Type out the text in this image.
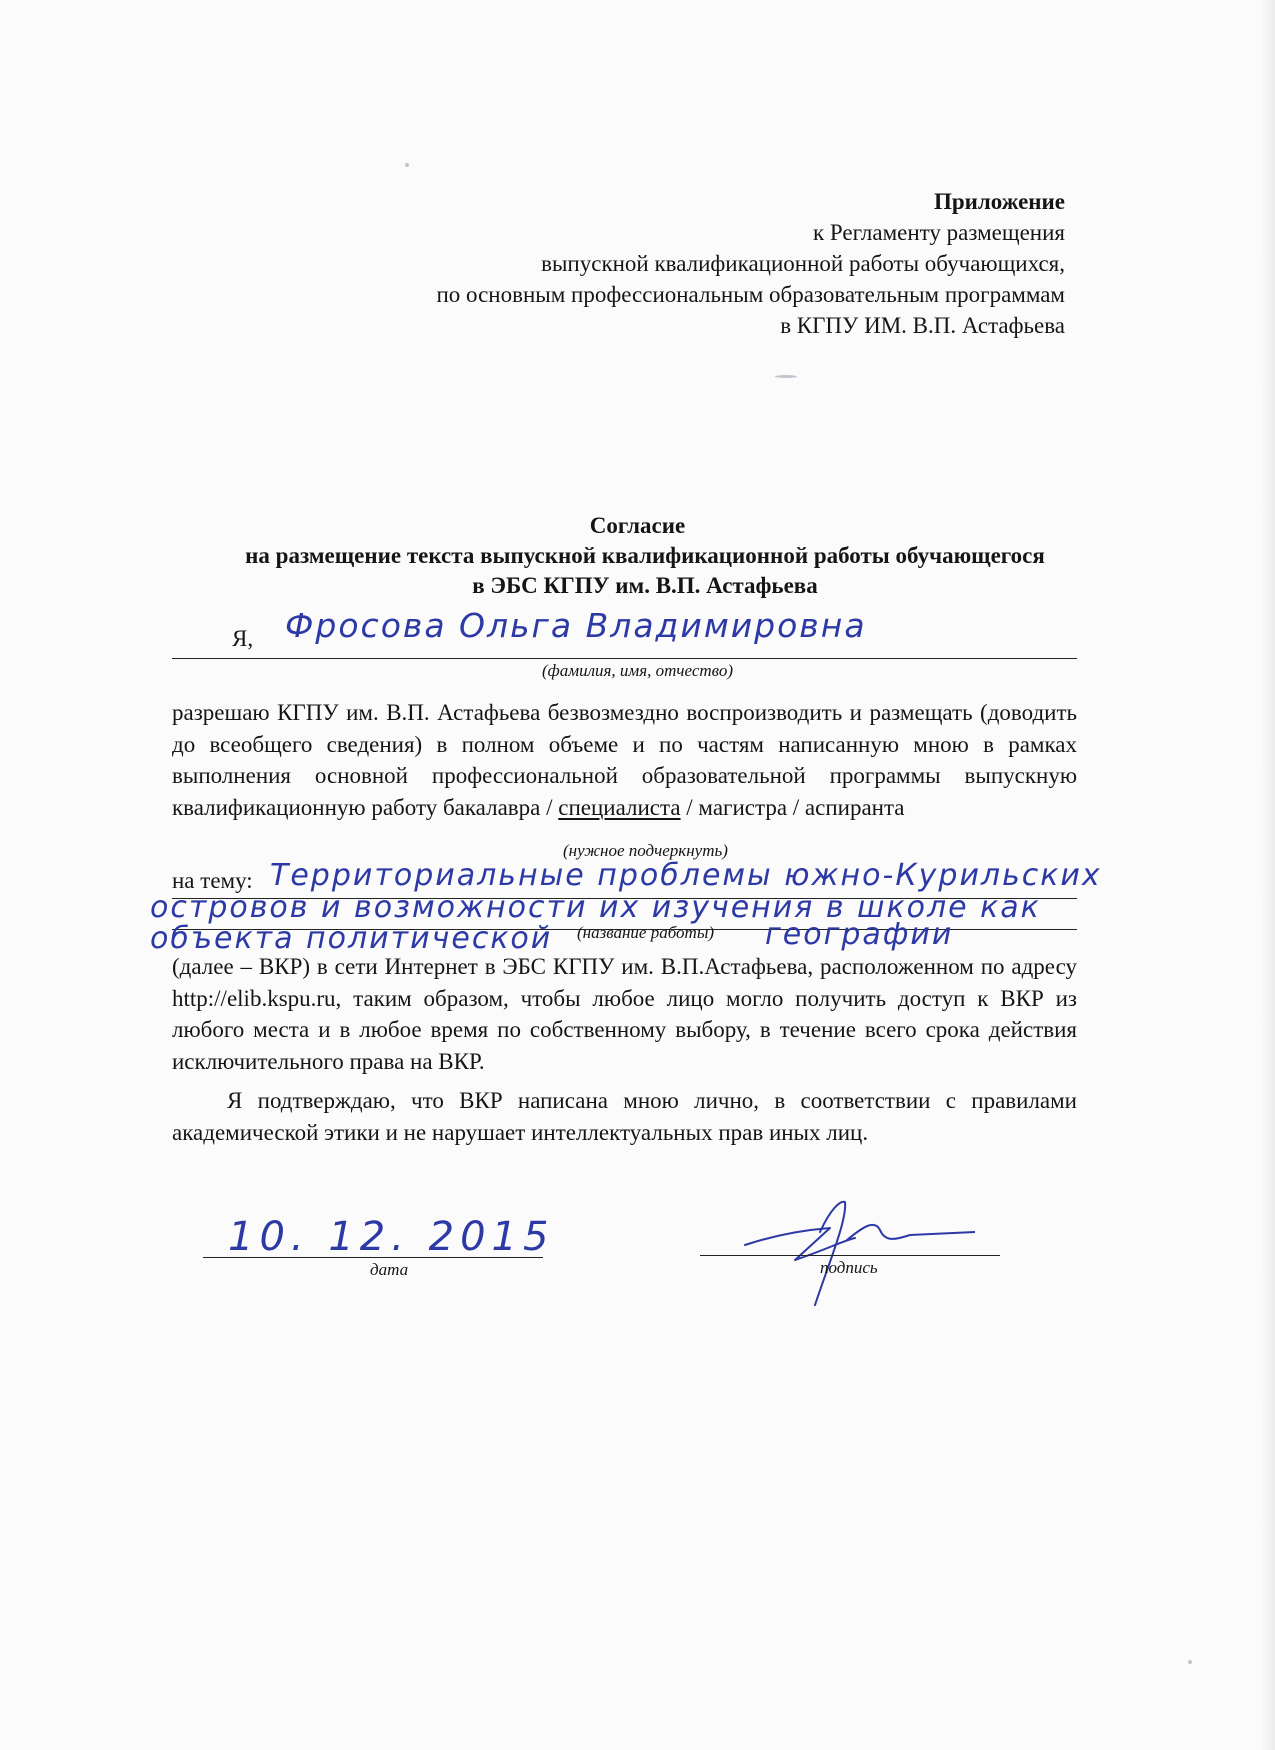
Приложение
к Регламенту размещения
выпускной квалификационной работы обучающихся,
по основным профессиональным образовательным программам
в КГПУ ИМ. В.П. Астафьева
Согласие
на размещение текста выпускной квалификационной работы обучающегося
в ЭБС КГПУ им. В.П. Астафьева
Я,
(фамилия, имя, отчество)
Фросова Ольга Владимировна
разрешаю КГПУ им. В.П. Астафьева безвозмездно воспроизводить и размещать (доводить до всеобщего сведения) в полном объеме и по частям написанную мною в рамках выполнения основной профессиональной образовательной программы выпускную квалификационную работу бакалавра / специалиста / магистра / аспиранта
(нужное подчеркнуть)
на тему: Территориальные проблемы южно-Курильских
островов и возможности их изучения в школе как
объекта политической	географии
(название работы)
(далее – ВКР) в сети Интернет в ЭБС КГПУ им. В.П.Астафьева, расположенном по адресу http://elib.kspu.ru, таким образом, чтобы любое лицо могло получить доступ к ВКР из любого места и в любое время по собственному выбору, в течение всего срока действия исключительного права на ВКР.
Я подтверждаю, что ВКР написана мною лично, в соответствии с правилами академической этики и не нарушает интеллектуальных прав иных лиц.
10. 12. 2015
дата	подпись
